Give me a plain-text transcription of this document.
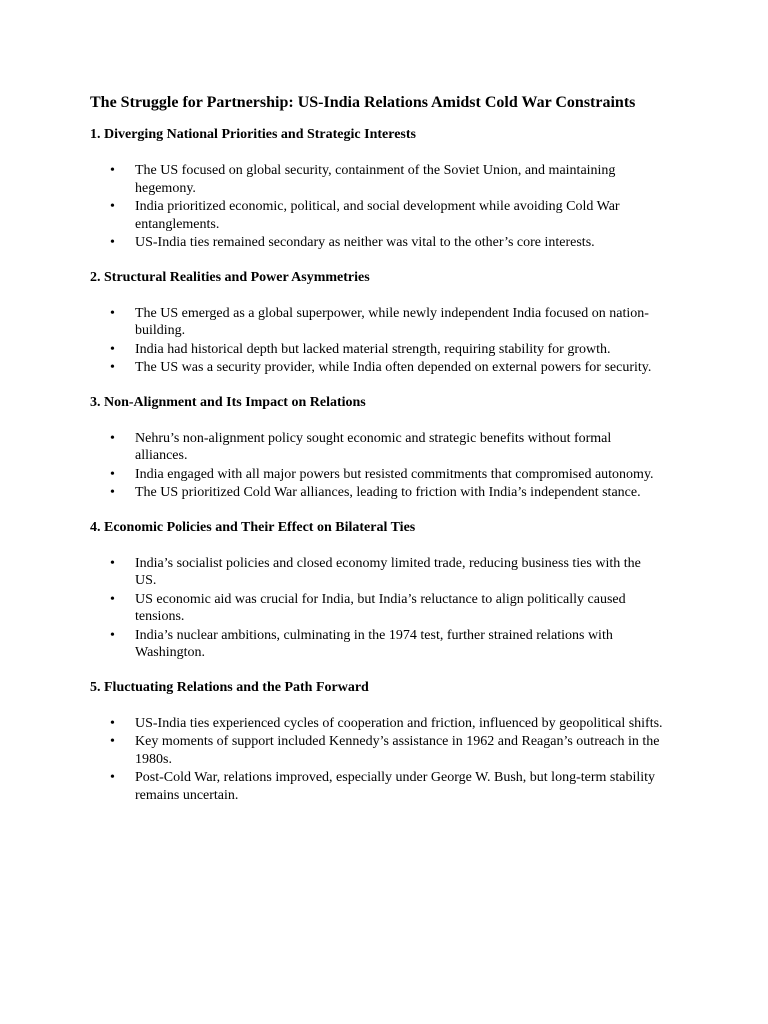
The Struggle for Partnership: US-India Relations Amidst Cold War Constraints
1. Diverging National Priorities and Strategic Interests
• The US focused on global security, containment of the Soviet Union, and maintaining hegemony.
• India prioritized economic, political, and social development while avoiding Cold War entanglements.
• US-India ties remained secondary as neither was vital to the other’s core interests.
2. Structural Realities and Power Asymmetries
• The US emerged as a global superpower, while newly independent India focused on nation-building.
• India had historical depth but lacked material strength, requiring stability for growth.
• The US was a security provider, while India often depended on external powers for security.
3. Non-Alignment and Its Impact on Relations
• Nehru’s non-alignment policy sought economic and strategic benefits without formal alliances.
• India engaged with all major powers but resisted commitments that compromised autonomy.
• The US prioritized Cold War alliances, leading to friction with India’s independent stance.
4. Economic Policies and Their Effect on Bilateral Ties
• India’s socialist policies and closed economy limited trade, reducing business ties with the US.
• US economic aid was crucial for India, but India’s reluctance to align politically caused tensions.
• India’s nuclear ambitions, culminating in the 1974 test, further strained relations with Washington.
5. Fluctuating Relations and the Path Forward
• US-India ties experienced cycles of cooperation and friction, influenced by geopolitical shifts.
• Key moments of support included Kennedy’s assistance in 1962 and Reagan’s outreach in the 1980s.
• Post-Cold War, relations improved, especially under George W. Bush, but long-term stability remains uncertain.
